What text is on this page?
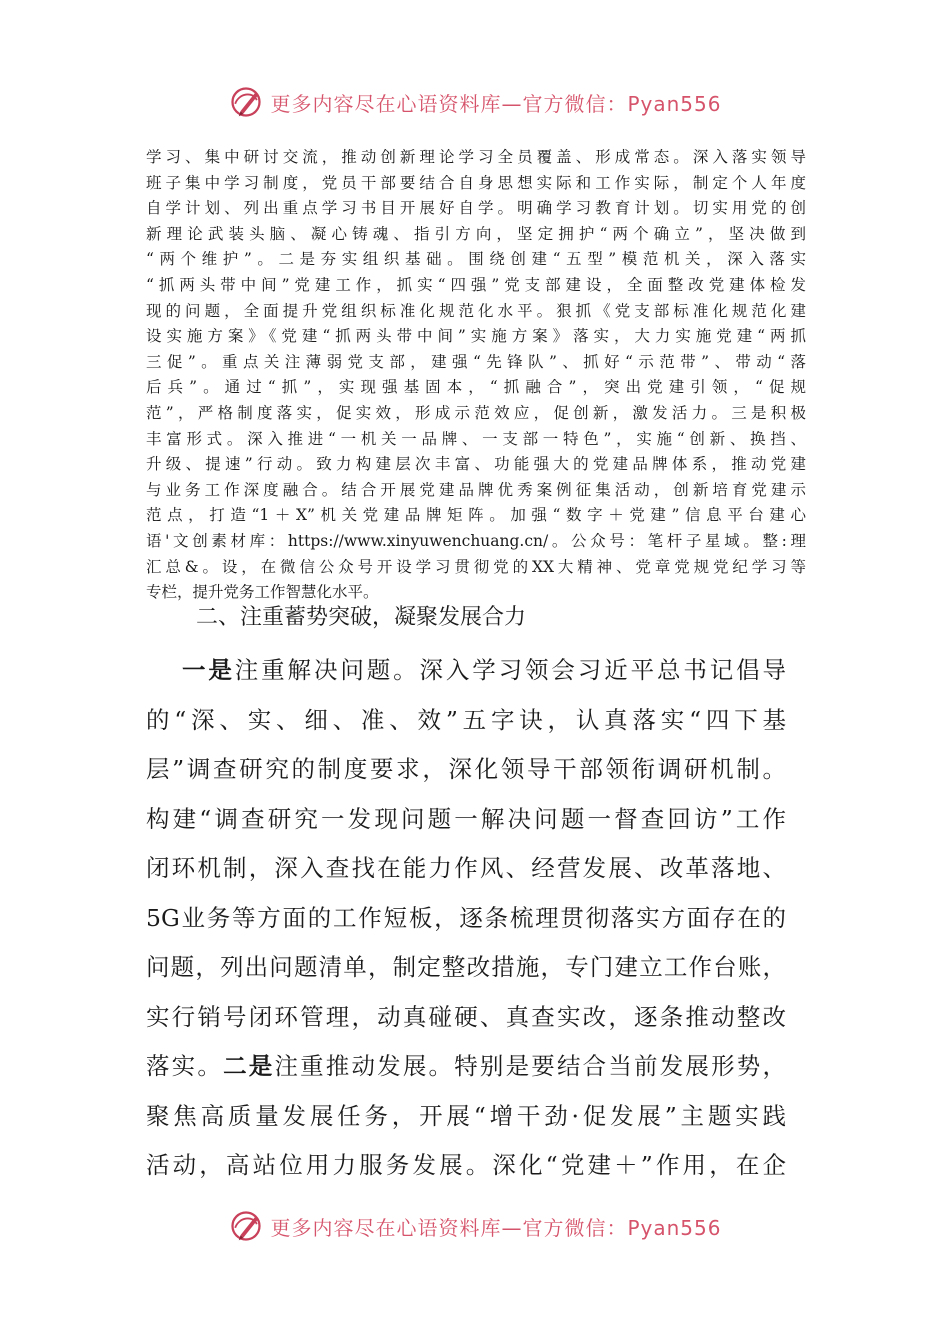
更多内容尽在心语资料库—官方微信：Pyan556
学习、集中研讨交流，推动创新理论学习全员覆盖、形成常态。深入落实领导
班子集中学习制度，党员干部要结合自身思想实际和工作实际，制定个人年度
自学计划、列出重点学习书目开展好自学。明确学习教育计划。切实用党的创
新理论武装头脑、凝心铸魂、指引方向，坚定拥护“两个确立”，坚决做到
“两个维护”。二是夯实组织基础。围绕创建“五型”模范机关，深入落实
“抓两头带中间”党建工作，抓实“四强”党支部建设，全面整改党建体检发
现的问题，全面提升党组织标准化规范化水平。狠抓《党支部标准化规范化建
设实施方案》《党建“抓两头带中间”实施方案》落实，大力实施党建“两抓
三促”。重点关注薄弱党支部，建强“先锋队”、抓好“示范带”、带动“落
后兵”。通过“抓”，实现强基固本，“抓融合”，突出党建引领，“促规
范”，严格制度落实，促实效，形成示范效应，促创新，激发活力。三是积极
丰富形式。深入推进“一机关一品牌、一支部一特色”，实施“创新、换挡、
升级、提速”行动。致力构建层次丰富、功能强大的党建品牌体系，推动党建
与业务工作深度融合。结合开展党建品牌优秀案例征集活动，创新培育党建示
范点，打造“1＋X”机关党建品牌矩阵。加强“数字＋党建”信息平台建心
语'文创素材库：https://www.xinyuwenchuang.cn/。公众号：笔杆子星域。整:理
汇总&。设，在微信公众号开设学习贯彻党的XX大精神、党章党规党纪学习等
专栏，提升党务工作智慧化水平。
二、注重蓄势突破，凝聚发展合力
一是注重解决问题。深入学习领会习近平总书记倡导
的“深、实、细、准、效”五字诀，认真落实“四下基
层”调查研究的制度要求，深化领导干部领衔调研机制。
构建“调查研究一发现问题一解决问题一督查回访”工作
闭环机制，深入查找在能力作风、经营发展、改革落地、
5G业务等方面的工作短板，逐条梳理贯彻落实方面存在的
问题，列出问题清单，制定整改措施，专门建立工作台账，
实行销号闭环管理，动真碰硬、真查实改，逐条推动整改
落实。二是注重推动发展。特别是要结合当前发展形势，
聚焦高质量发展任务，开展“增干劲·促发展”主题实践
活动，高站位用力服务发展。深化“党建＋”作用，在企
更多内容尽在心语资料库—官方微信：Pyan556
